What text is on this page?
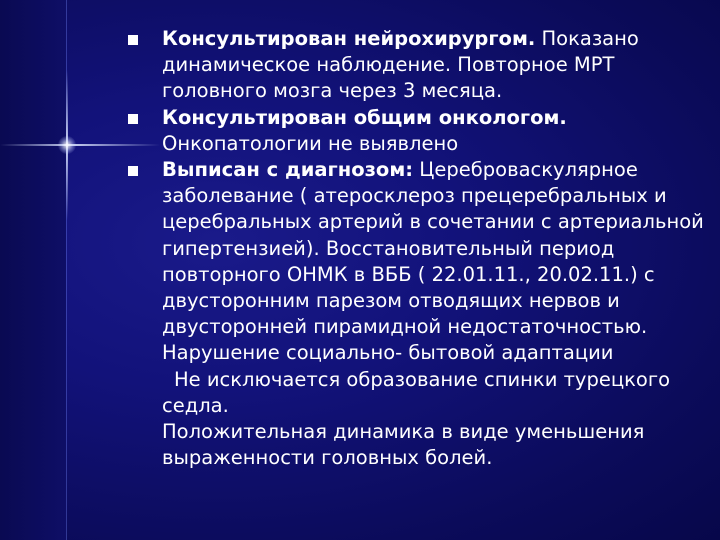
Консультирован нейрохирургом. Показано динамическое наблюдение. Повторное МРТ головного мозга через 3 месяца.

Консультирован общим онкологом. Онкопатологии не выявлено

Выписан с диагнозом: Цереброваскулярное заболевание ( атеросклероз прецеребральных и церебральных артерий в сочетании с артериальной гипертензией). Восстановительный период повторного ОНМК в ВББ ( 22.01.11., 20.02.11.) с двусторонним парезом отводящих нервов и двусторонней пирамидной недостаточностью. Нарушение социально- бытовой адаптации

Не исключается образование спинки турецкого седла.

Положительная динамика в виде уменьшения выраженности головных болей.
